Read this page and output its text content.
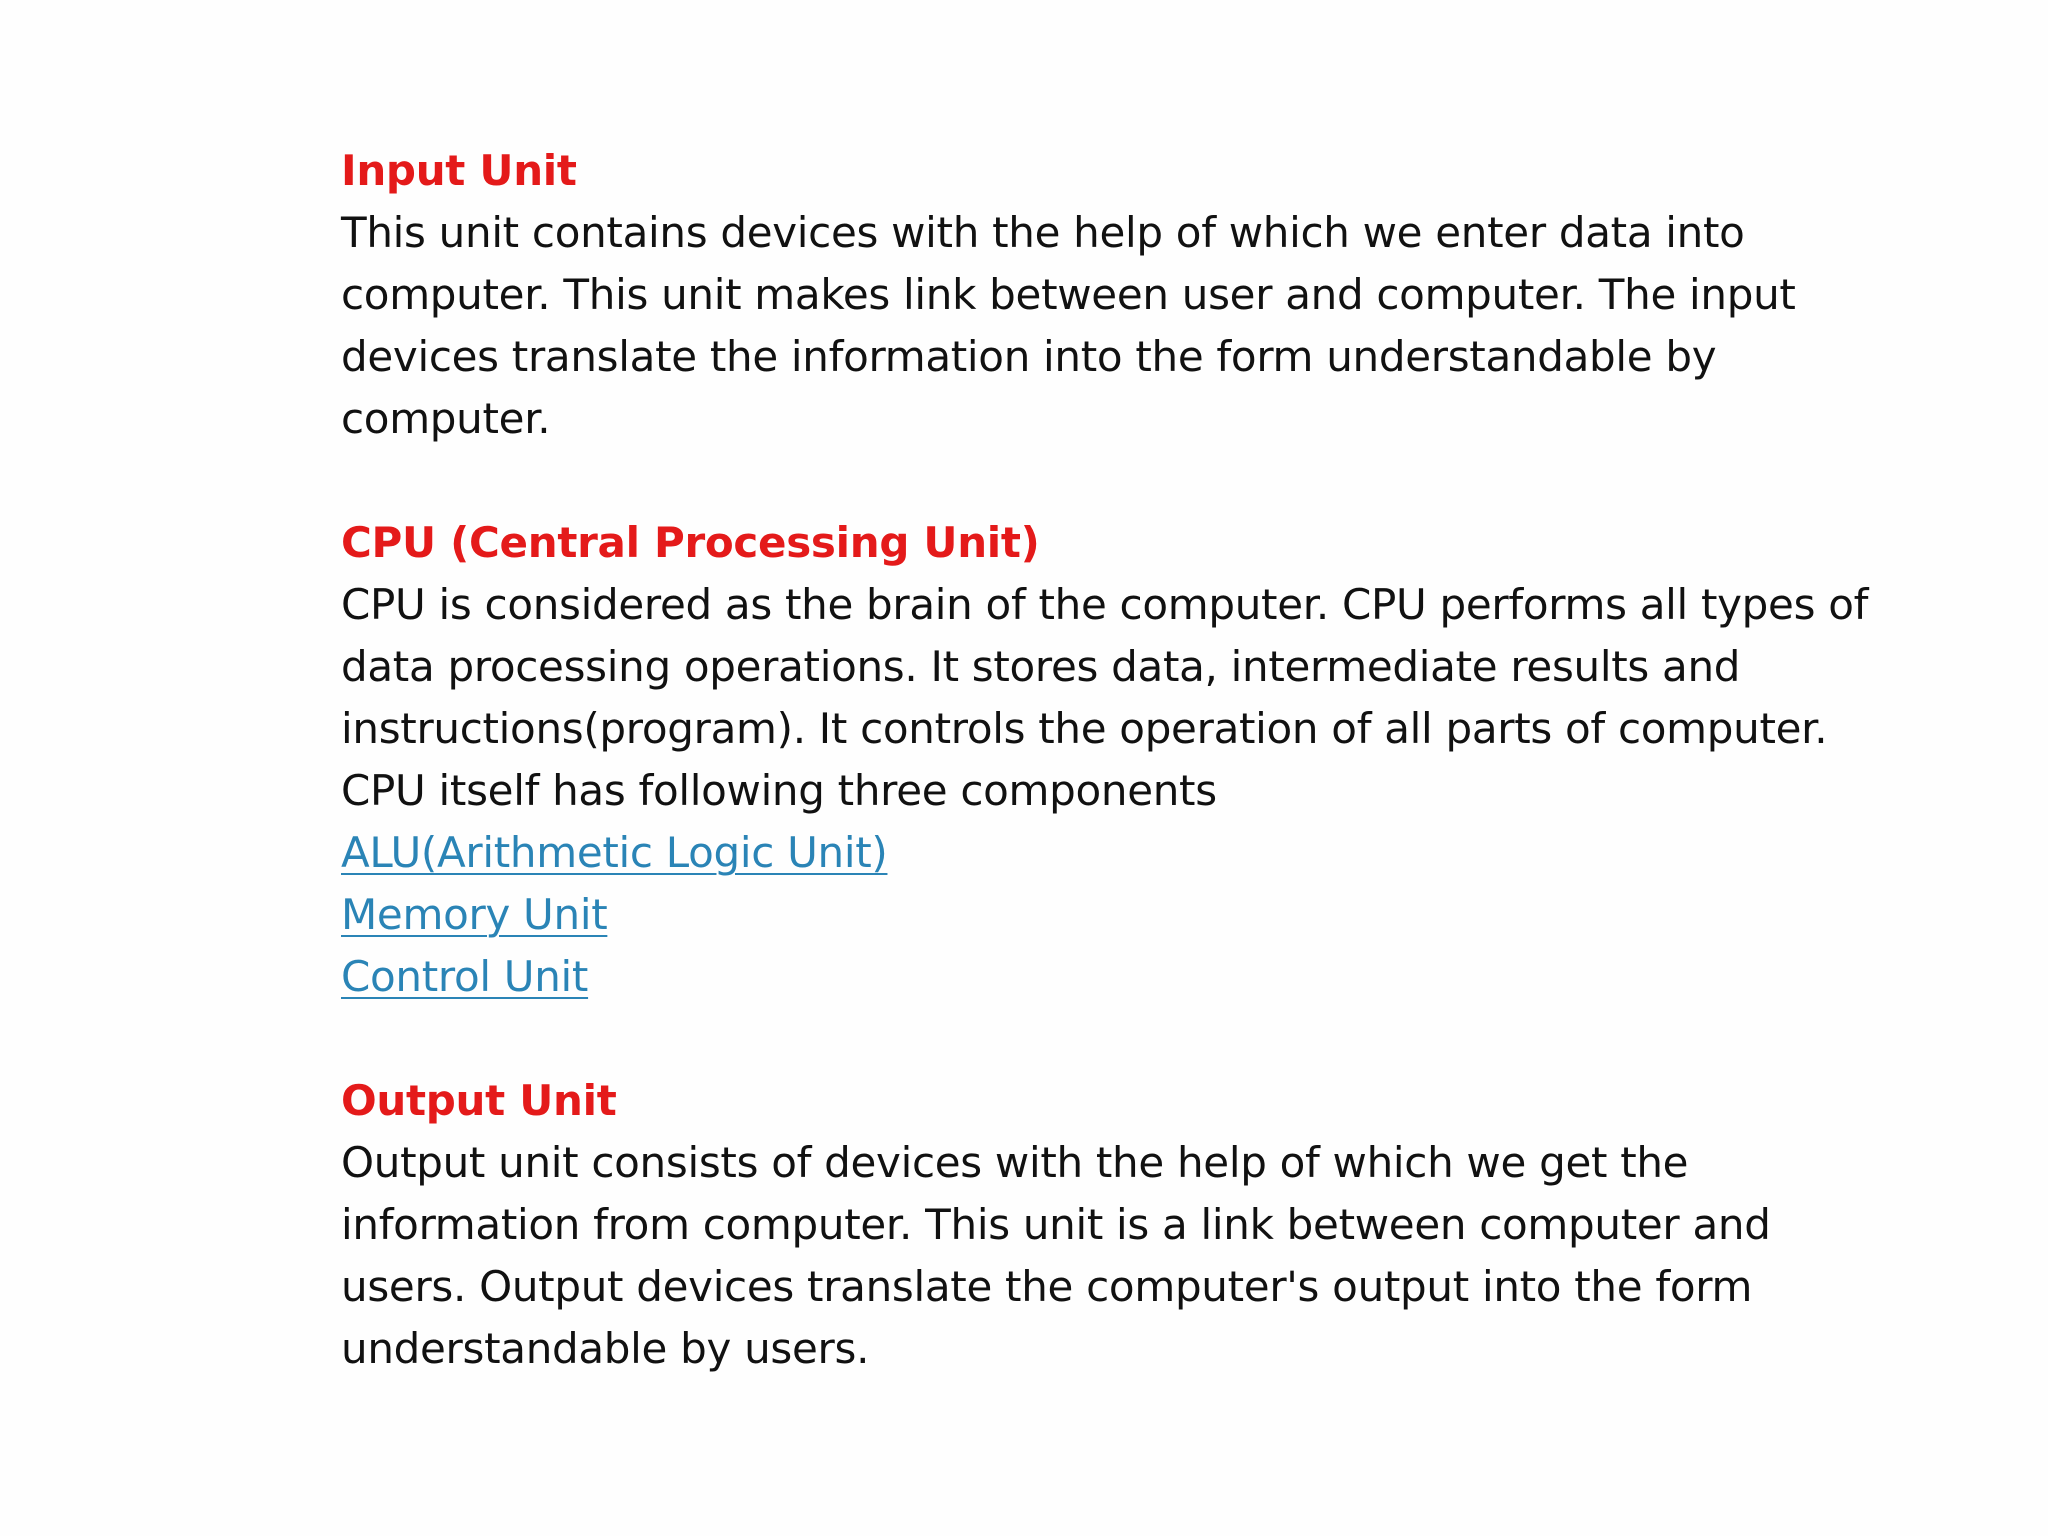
Input Unit
This unit contains devices with the help of which we enter data into
computer. This unit makes link between user and computer. The input
devices translate the information into the form understandable by
computer.
CPU (Central Processing Unit)
CPU is considered as the brain of the computer. CPU performs all types of
data processing operations. It stores data, intermediate results and
instructions(program). It controls the operation of all parts of computer.
CPU itself has following three components
ALU(Arithmetic Logic Unit)
Memory Unit
Control Unit
Output Unit
Output unit consists of devices with the help of which we get the
information from computer. This unit is a link between computer and
users. Output devices translate the computer's output into the form
understandable by users.
